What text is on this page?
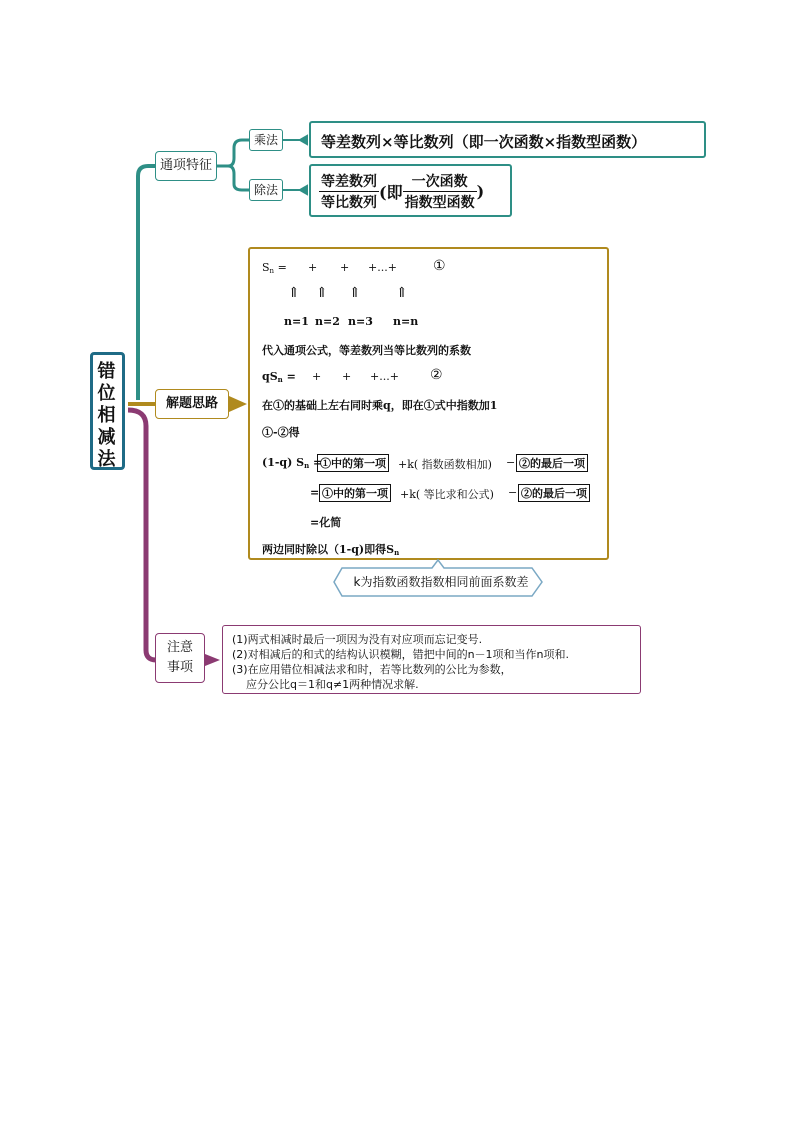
错位相减法
通项特征
乘法
除法
等差数列×等比数列（即一次函数×指数型函数）
$\frac{\text{等差数列}}{\text{等比数列}}$ (即 $\frac{\text{一次函数}}{\text{指数型函数}}$ )
解题思路
$S_n$ = + + +...+	①
⇑ ⇑ ⇑	⇑
n=1 n=2 n=3 n=n
代入通项公式，等差数列当等比数列的系数
$qS_n$ = + + +...+ ②
在①的基础上左右同时乘q，即在①式中指数加1
①-②得
(1-q) $S_n$ =
①中的第一项 +k( 指数函数相加) − ②的最后一项
= ①中的第一项 +k( 等比求和公式) − ②的最后一项
=化简
两边同时除以（1-q)即得$S_n$
k为指数函数指数相同前面系数差
注意
事项
(1)两式相减时最后一项因为没有对应项而忘记变号.
(2)对相减后的和式的结构认识模糊，错把中间的n－1项和当作n项和.
(3)在应用错位相减法求和时，若等比数列的公比为参数，
应分公比q＝1和q≠1两种情况求解.
